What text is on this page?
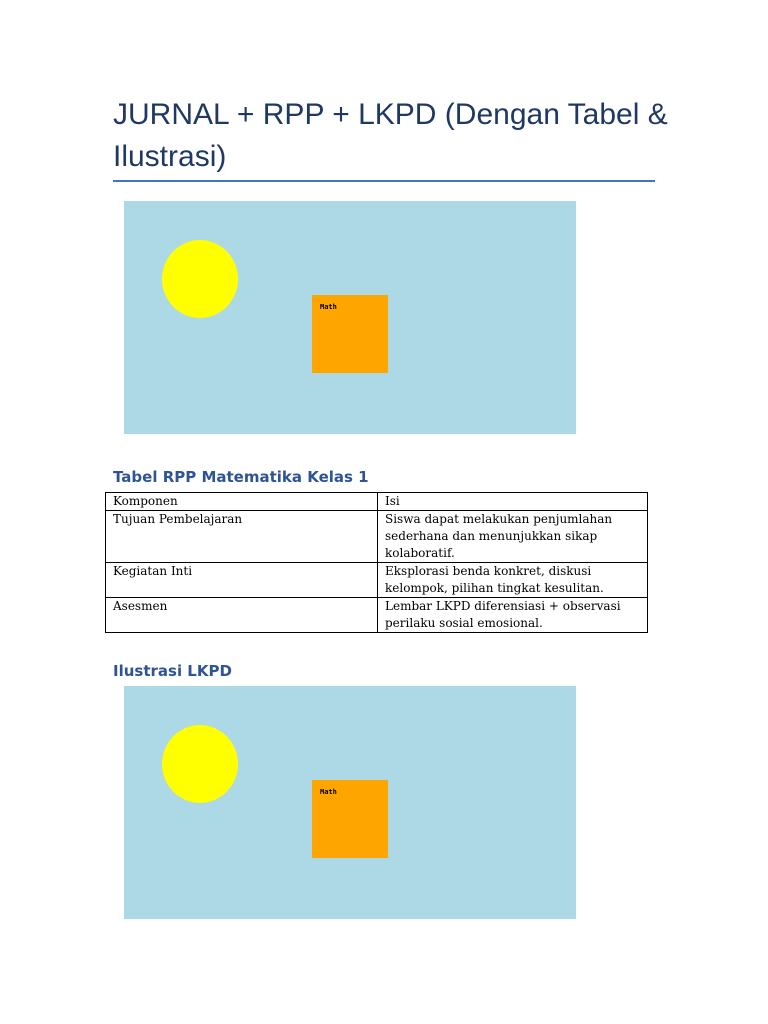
JURNAL + RPP + LKPD (Dengan Tabel & Ilustrasi)
Math
Tabel RPP Matematika Kelas 1
Komponen	Isi
Tujuan Pembelajaran	Siswa dapat melakukan penjumlahan sederhana dan menunjukkan sikap kolaboratif.
Kegiatan Inti	Eksplorasi benda konkret, diskusi kelompok, pilihan tingkat kesulitan.
Asesmen	Lembar LKPD diferensiasi + observasi perilaku sosial emosional.
Ilustrasi LKPD
Math
